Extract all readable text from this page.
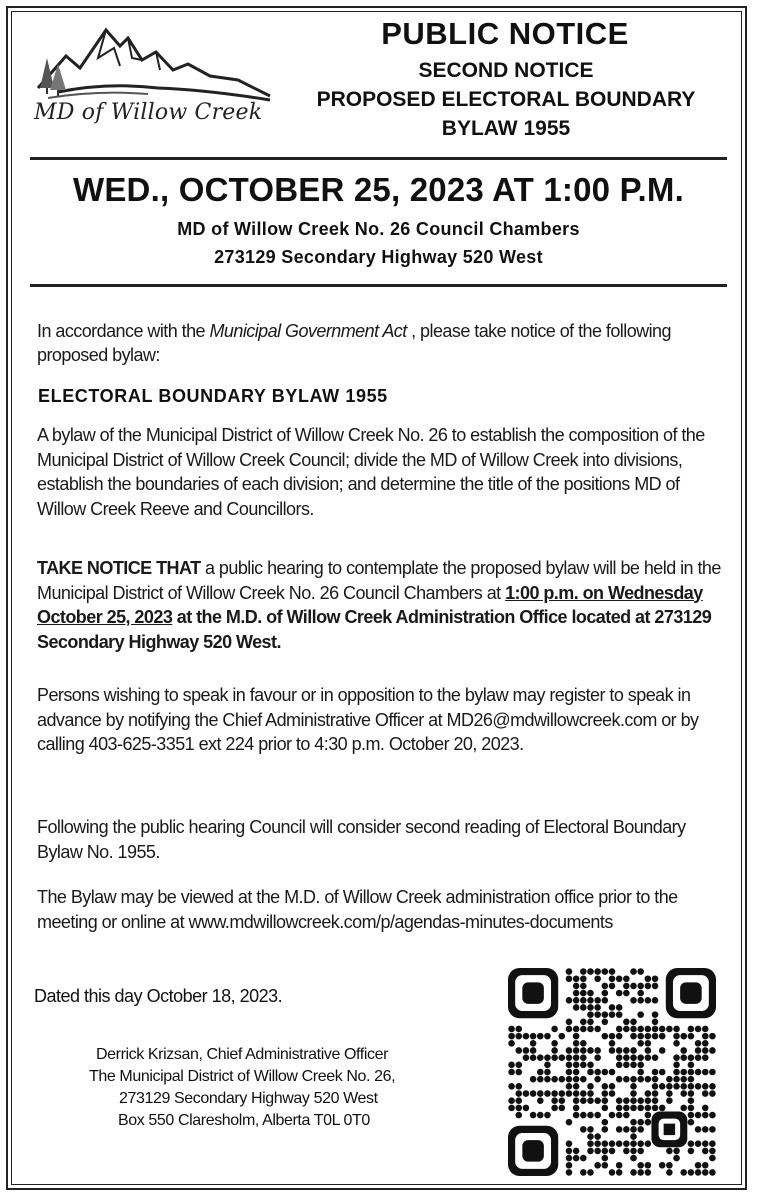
MD of Willow Creek
PUBLIC NOTICE
SECOND NOTICE
PROPOSED ELECTORAL BOUNDARY
BYLAW 1955
WED., OCTOBER 25, 2023 AT 1:00 P.M.
MD of Willow Creek No. 26 Council Chambers
273129 Secondary Highway 520 West
In accordance with the Municipal Government Act , please take notice of the following proposed bylaw:
ELECTORAL BOUNDARY BYLAW 1955
A bylaw of the Municipal District of Willow Creek No. 26 to establish the composition of the Municipal District of Willow Creek Council; divide the MD of Willow Creek into divisions, establish the boundaries of each division; and determine the title of the positions MD of Willow Creek Reeve and Councillors.
TAKE NOTICE THAT a public hearing to contemplate the proposed bylaw will be held in the Municipal District of Willow Creek No. 26 Council Chambers at 1:00 p.m. on Wednesday October 25, 2023 at the M.D. of Willow Creek Administration Office located at 273129 Secondary Highway 520 West.
Persons wishing to speak in favour or in opposition to the bylaw may register to speak in advance by notifying the Chief Administrative Officer at MD26@mdwillowcreek.com or by calling 403-625-3351 ext 224 prior to 4:30 p.m. October 20, 2023.
Following the public hearing Council will consider second reading of Electoral Boundary Bylaw No. 1955.
The Bylaw may be viewed at the M.D. of Willow Creek administration office prior to the meeting or online at www.mdwillowcreek.com/p/agendas-minutes-documents
Dated this day October 18, 2023.
Derrick Krizsan, Chief Administrative Officer
The Municipal District of Willow Creek No. 26,
273129 Secondary Highway 520 West
Box 550 Claresholm, Alberta T0L 0T0
